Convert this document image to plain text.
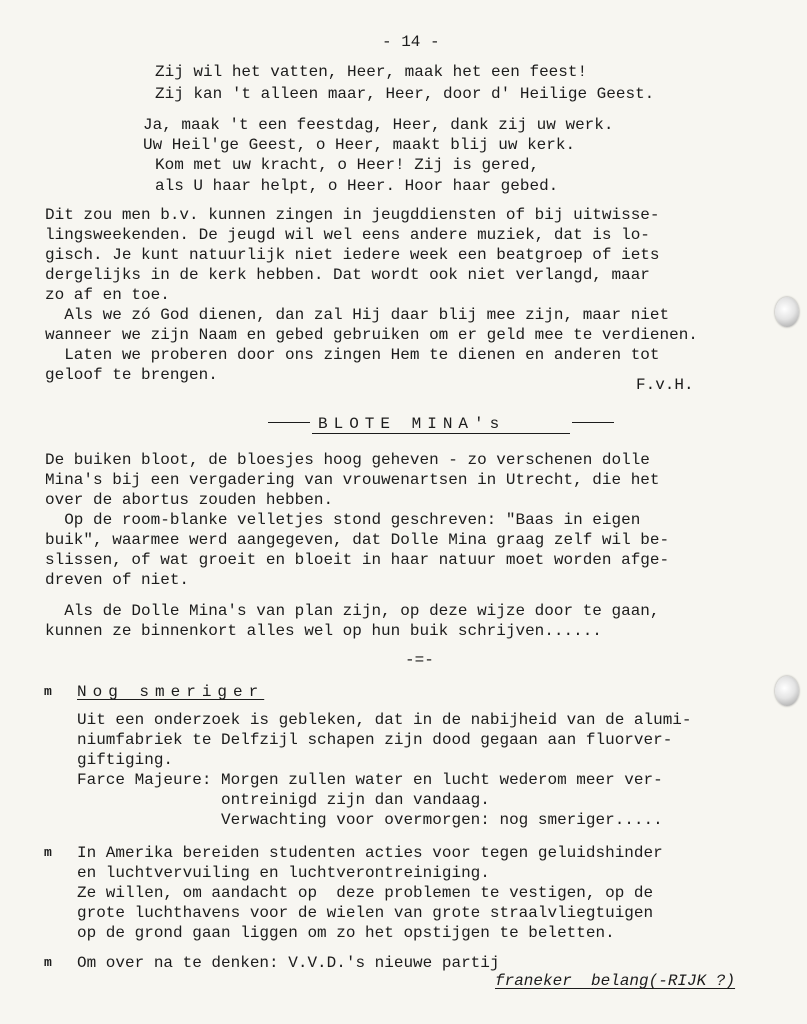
- 14 -
Zij wil het vatten, Heer, maak het een feest!
Zij kan 't alleen maar, Heer, door d' Heilige Geest.
Ja, maak 't een feestdag, Heer, dank zij uw werk.
Uw Heil'ge Geest, o Heer, maakt blij uw kerk.
Kom met uw kracht, o Heer! Zij is gered,
als U haar helpt, o Heer. Hoor haar gebed.
Dit zou men b.v. kunnen zingen in jeugddiensten of bij uitwisse-
lingsweekenden. De jeugd wil wel eens andere muziek, dat is lo-
gisch. Je kunt natuurlijk niet iedere week een beatgroep of iets
dergelijks in de kerk hebben. Dat wordt ook niet verlangd, maar
zo af en toe.
Als we zó God dienen, dan zal Hij daar blij mee zijn, maar niet
wanneer we zijn Naam en gebed gebruiken om er geld mee te verdienen.
Laten we proberen door ons zingen Hem te dienen en anderen tot
geloof te brengen.
F.v.H.
BLOTE MINA's
De buiken bloot, de bloesjes hoog geheven - zo verschenen dolle
Mina's bij een vergadering van vrouwenartsen in Utrecht, die het
over de abortus zouden hebben.
Op de room-blanke velletjes stond geschreven: "Baas in eigen
buik", waarmee werd aangegeven, dat Dolle Mina graag zelf wil be-
slissen, of wat groeit en bloeit in haar natuur moet worden afge-
dreven of niet.
Als de Dolle Mina's van plan zijn, op deze wijze door te gaan,
kunnen ze binnenkort alles wel op hun buik schrijven......
-=-
m Nog smeriger
Uit een onderzoek is gebleken, dat in de nabijheid van de alumi-
niumfabriek te Delfzijl schapen zijn dood gegaan aan fluorver-
giftiging.
Farce Majeure: Morgen zullen water en lucht wederom meer ver-
ontreinigd zijn dan vandaag.
Verwachting voor overmorgen: nog smeriger.....
m In Amerika bereiden studenten acties voor tegen geluidshinder
en luchtvervuiling en luchtverontreiniging.
Ze willen, om aandacht op  deze problemen te vestigen, op de
grote luchthavens voor de wielen van grote straalvliegtuigen
op de grond gaan liggen om zo het opstijgen te beletten.
m Om over na te denken: V.V.D.'s nieuwe partij
franeker  belang(-RIJK ?)
